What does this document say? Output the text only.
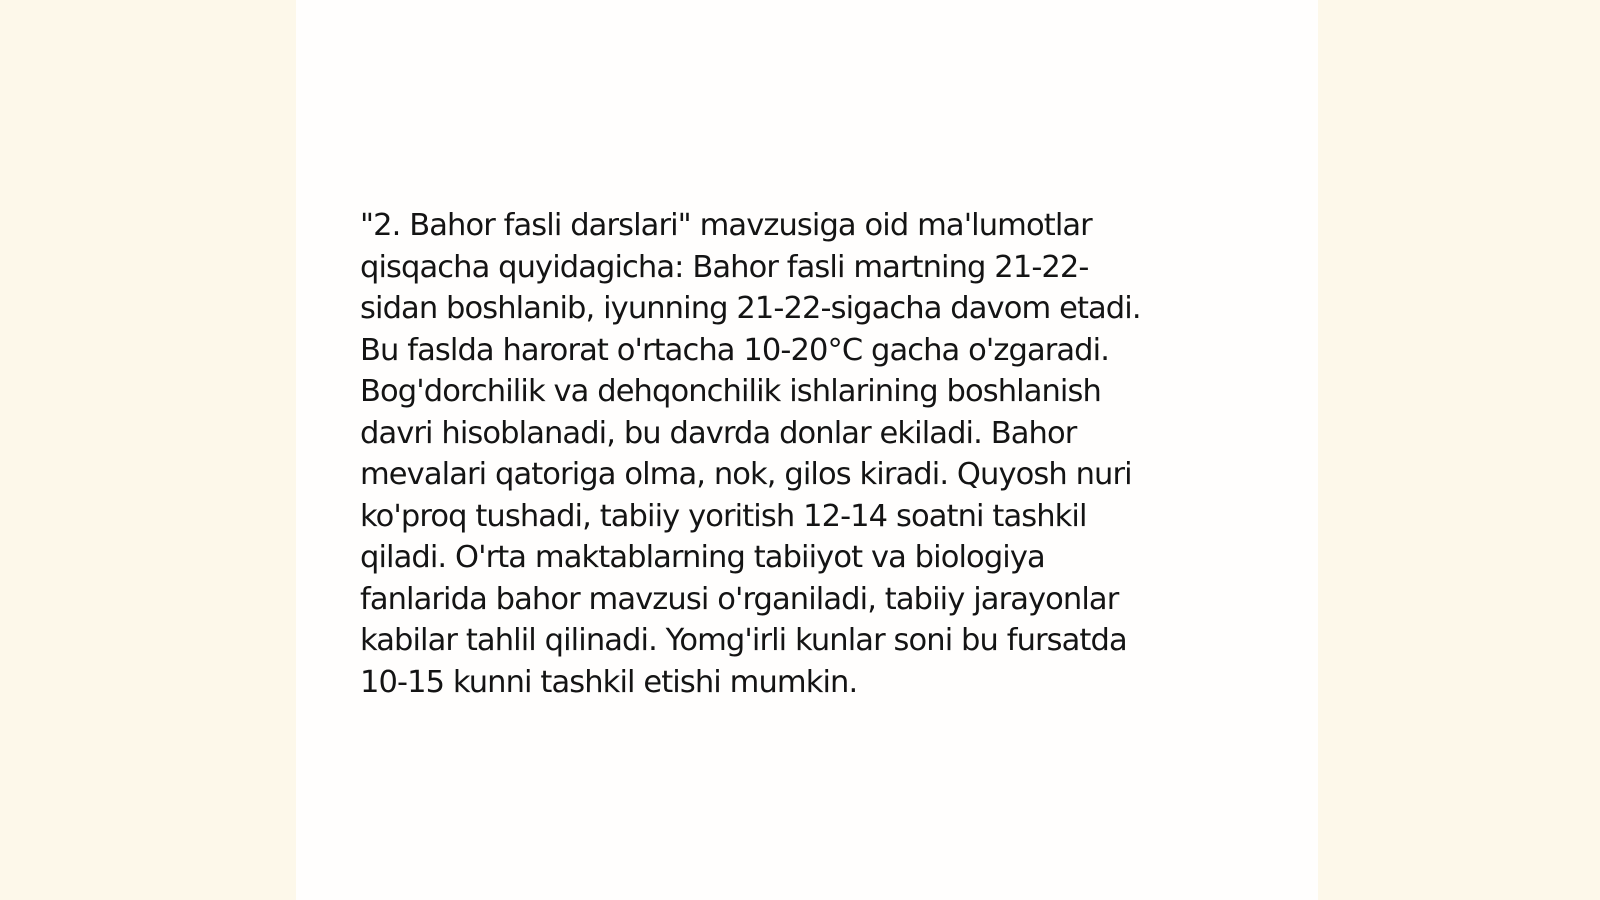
"2. Bahor fasli darslari" mavzusiga oid ma'lumotlar
qisqacha quyidagicha: Bahor fasli martning 21-22-
sidan boshlanib, iyunning 21-22-sigacha davom etadi.
Bu faslda harorat o'rtacha 10-20°C gacha o'zgaradi.
Bog'dorchilik va dehqonchilik ishlarining boshlanish
davri hisoblanadi, bu davrda donlar ekiladi. Bahor
mevalari qatoriga olma, nok, gilos kiradi. Quyosh nuri
ko'proq tushadi, tabiiy yoritish 12-14 soatni tashkil
qiladi. O'rta maktablarning tabiiyot va biologiya
fanlarida bahor mavzusi o'rganiladi, tabiiy jarayonlar
kabilar tahlil qilinadi. Yomg'irli kunlar soni bu fursatda
10-15 kunni tashkil etishi mumkin.
